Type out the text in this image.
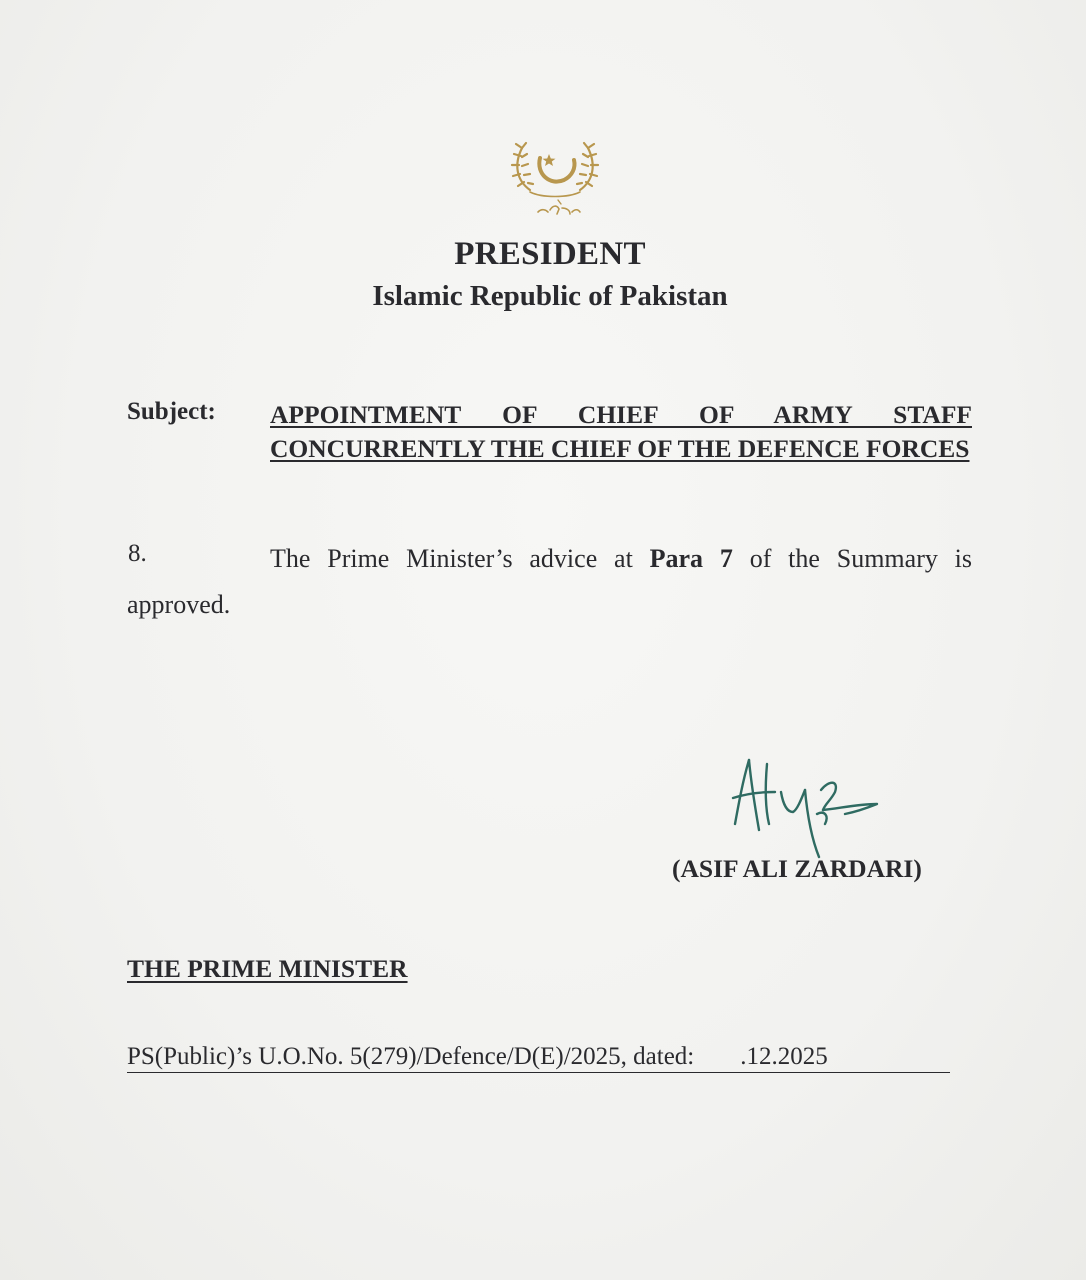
PRESIDENT
Islamic Republic of Pakistan
Subject: APPOINTMENT OF CHIEF OF ARMY STAFF CONCURRENTLY THE CHIEF OF THE DEFENCE FORCES
8.	The Prime Minister’s advice at Para 7 of the Summary is
approved.
(ASIF ALI ZARDARI)
THE PRIME MINISTER
PS(Public)’s U.O.No. 5(279)/Defence/D(E)/2025, dated: .12.2025
